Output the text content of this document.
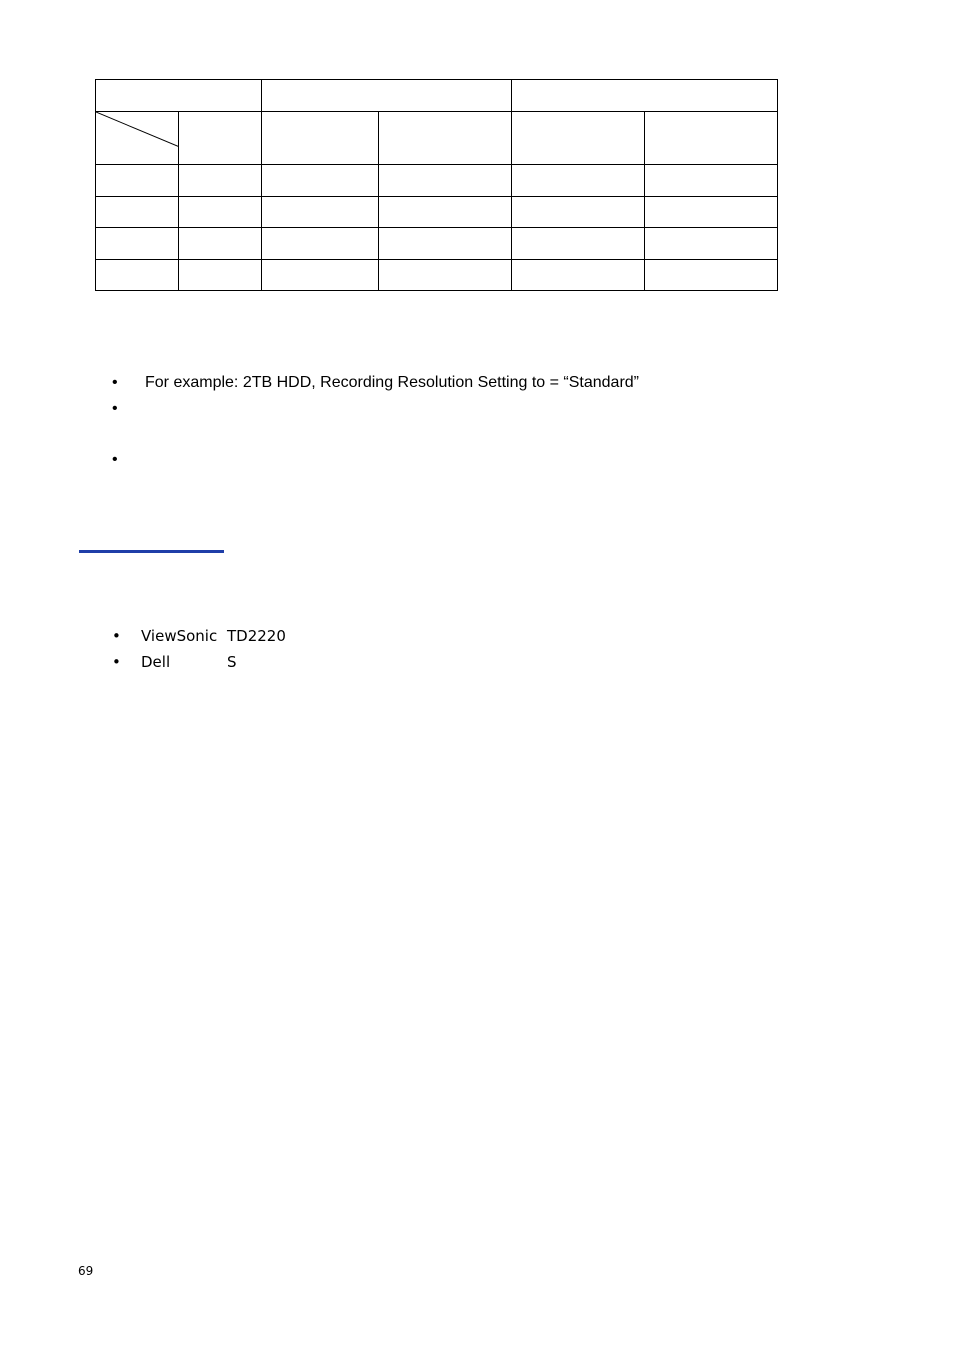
• For example: 2TB HDD, Recording Resolution Setting to = “Standard”
•
•
• ViewSonic TD2220
• Dell	S
69
